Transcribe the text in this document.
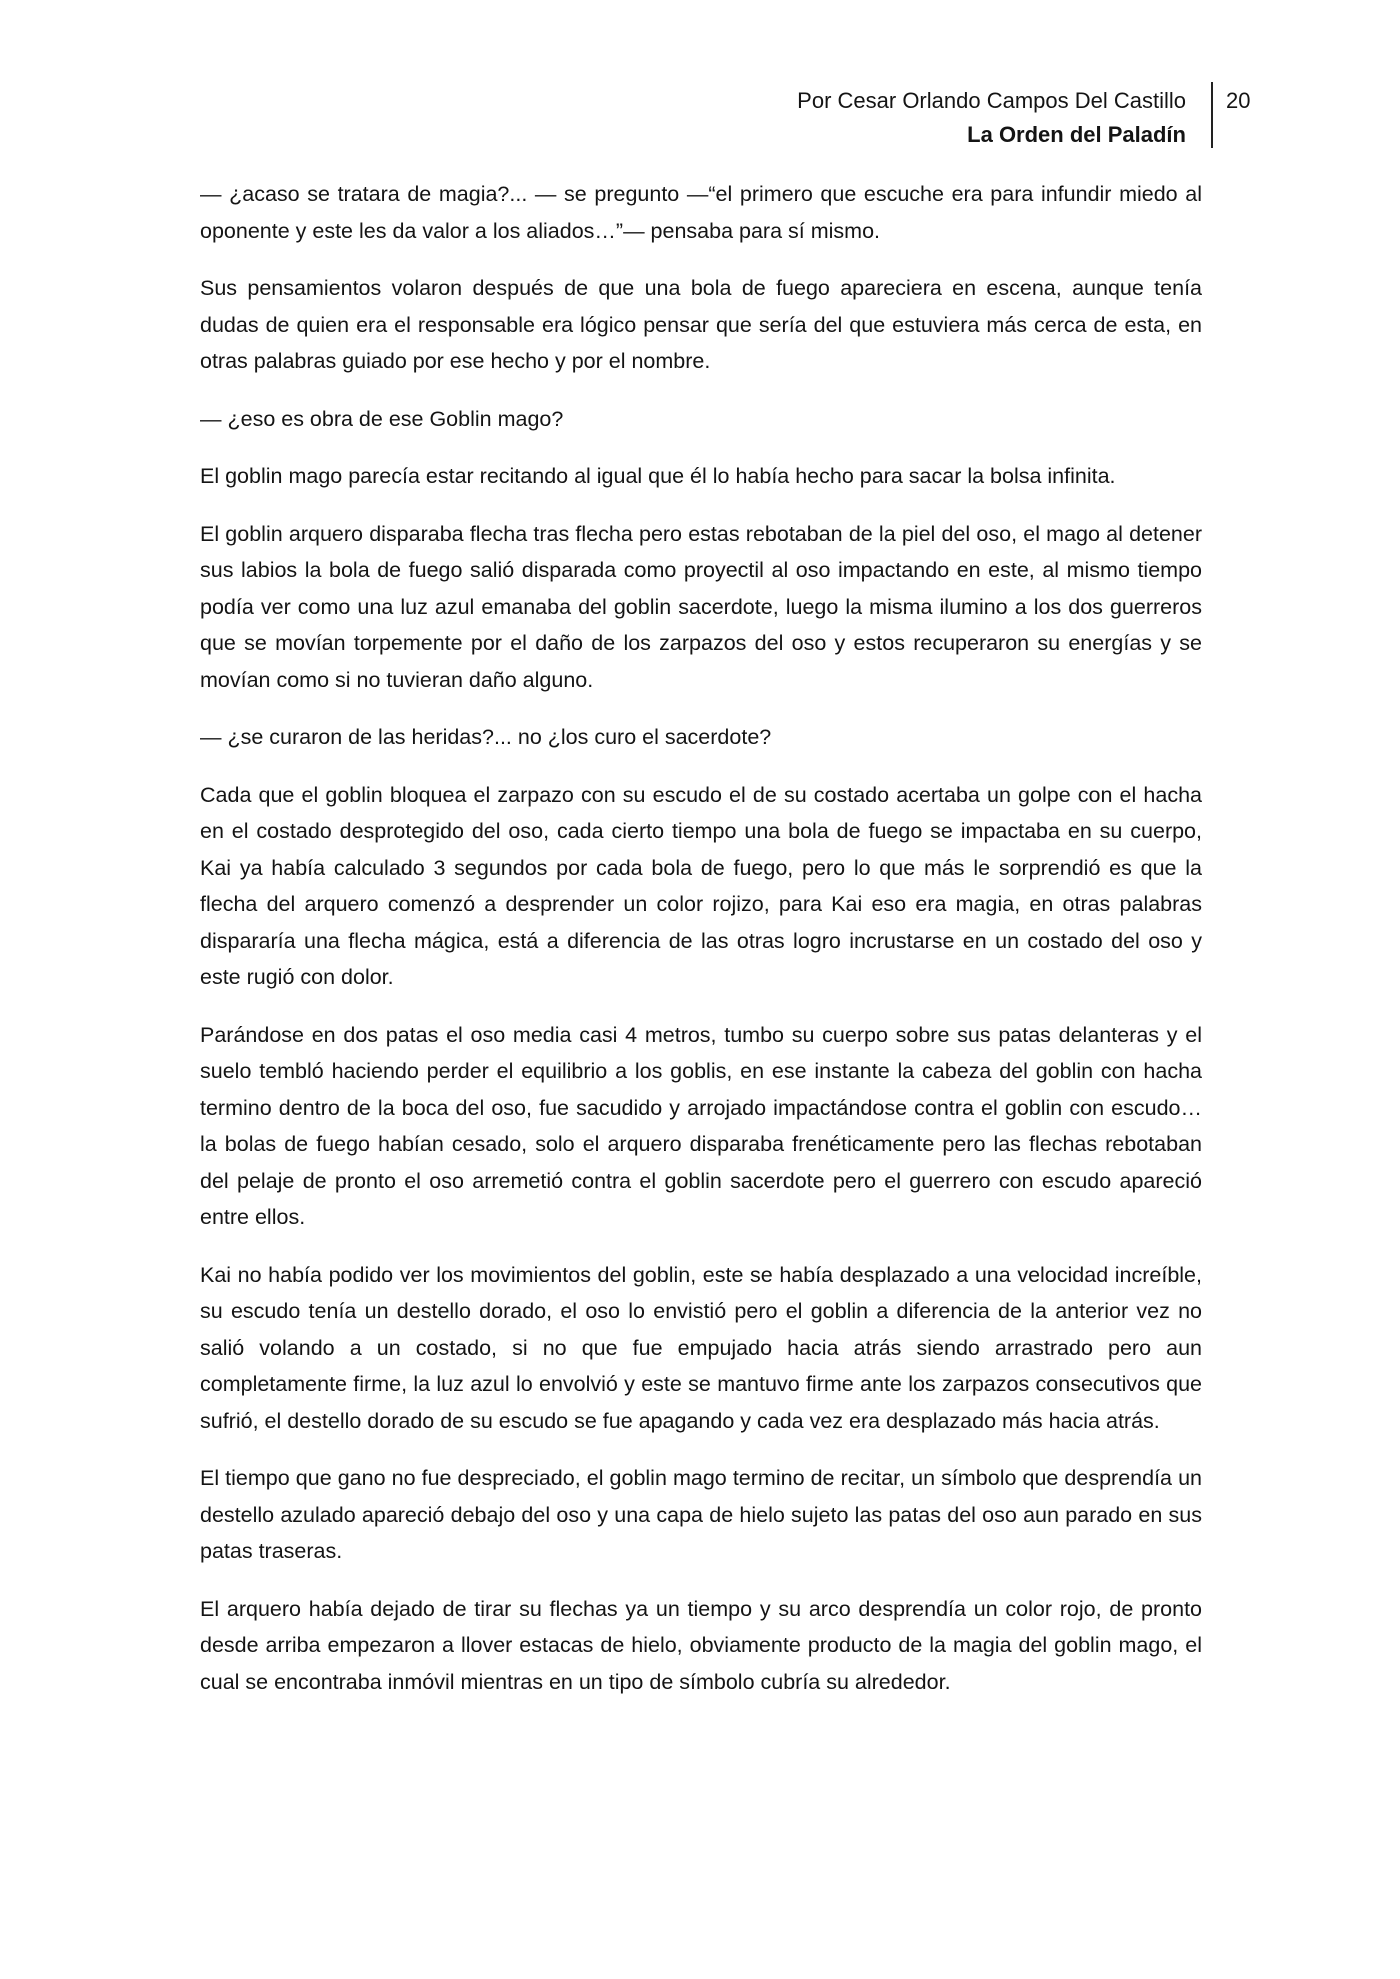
Por Cesar Orlando Campos Del Castillo
La Orden del Paladín
20

— ¿acaso se tratara de magia?... — se pregunto —“el primero que escuche era para infundir miedo al oponente y este les da valor a los aliados…”— pensaba para sí mismo.

Sus pensamientos volaron después de que una bola de fuego apareciera en escena, aunque tenía dudas de quien era el responsable era lógico pensar que sería del que estuviera más cerca de esta, en otras palabras guiado por ese hecho y por el nombre.

— ¿eso es obra de ese Goblin mago?

El goblin mago parecía estar recitando al igual que él lo había hecho para sacar la bolsa infinita.

El goblin arquero disparaba flecha tras flecha pero estas rebotaban de la piel del oso, el mago al detener sus labios la bola de fuego salió disparada como proyectil al oso impactando en este, al mismo tiempo podía ver como una luz azul emanaba del goblin sacerdote, luego la misma ilumino a los dos guerreros que se movían torpemente por el daño de los zarpazos del oso y estos recuperaron su energías y se movían como si no tuvieran daño alguno.

— ¿se curaron de las heridas?... no ¿los curo el sacerdote?

Cada que el goblin bloquea el zarpazo con su escudo el de su costado acertaba un golpe con el hacha en el costado desprotegido del oso, cada cierto tiempo una bola de fuego se impactaba en su cuerpo, Kai ya había calculado 3 segundos por cada bola de fuego, pero lo que más le sorprendió es que la flecha del arquero comenzó a desprender un color rojizo, para Kai eso era magia, en otras palabras dispararía una flecha mágica, está a diferencia de las otras logro incrustarse en un costado del oso y este rugió con dolor.

Parándose en dos patas el oso media casi 4 metros, tumbo su cuerpo sobre sus patas delanteras y el suelo tembló haciendo perder el equilibrio a los goblis, en ese instante la cabeza del goblin con hacha termino dentro de la boca del oso, fue sacudido y arrojado impactándose contra el goblin con escudo… la bolas de fuego habían cesado, solo el arquero disparaba frenéticamente pero las flechas rebotaban del pelaje de pronto el oso arremetió contra el goblin sacerdote pero el guerrero con escudo apareció entre ellos.

Kai no había podido ver los movimientos del goblin, este se había desplazado a una velocidad increíble, su escudo tenía un destello dorado, el oso lo envistió pero el goblin a diferencia de la anterior vez no salió volando a un costado, si no que fue empujado hacia atrás siendo arrastrado pero aun completamente firme, la luz azul lo envolvió y este se mantuvo firme ante los zarpazos consecutivos que sufrió, el destello dorado de su escudo se fue apagando y cada vez era desplazado más hacia atrás.

El tiempo que gano no fue despreciado, el goblin mago termino de recitar, un símbolo que desprendía un destello azulado apareció debajo del oso y una capa de hielo sujeto las patas del oso aun parado en sus patas traseras.

El arquero había dejado de tirar su flechas ya un tiempo y su arco desprendía un color rojo, de pronto desde arriba empezaron a llover estacas de hielo, obviamente producto de la magia del goblin mago, el cual se encontraba inmóvil mientras en un tipo de símbolo cubría su alrededor.
